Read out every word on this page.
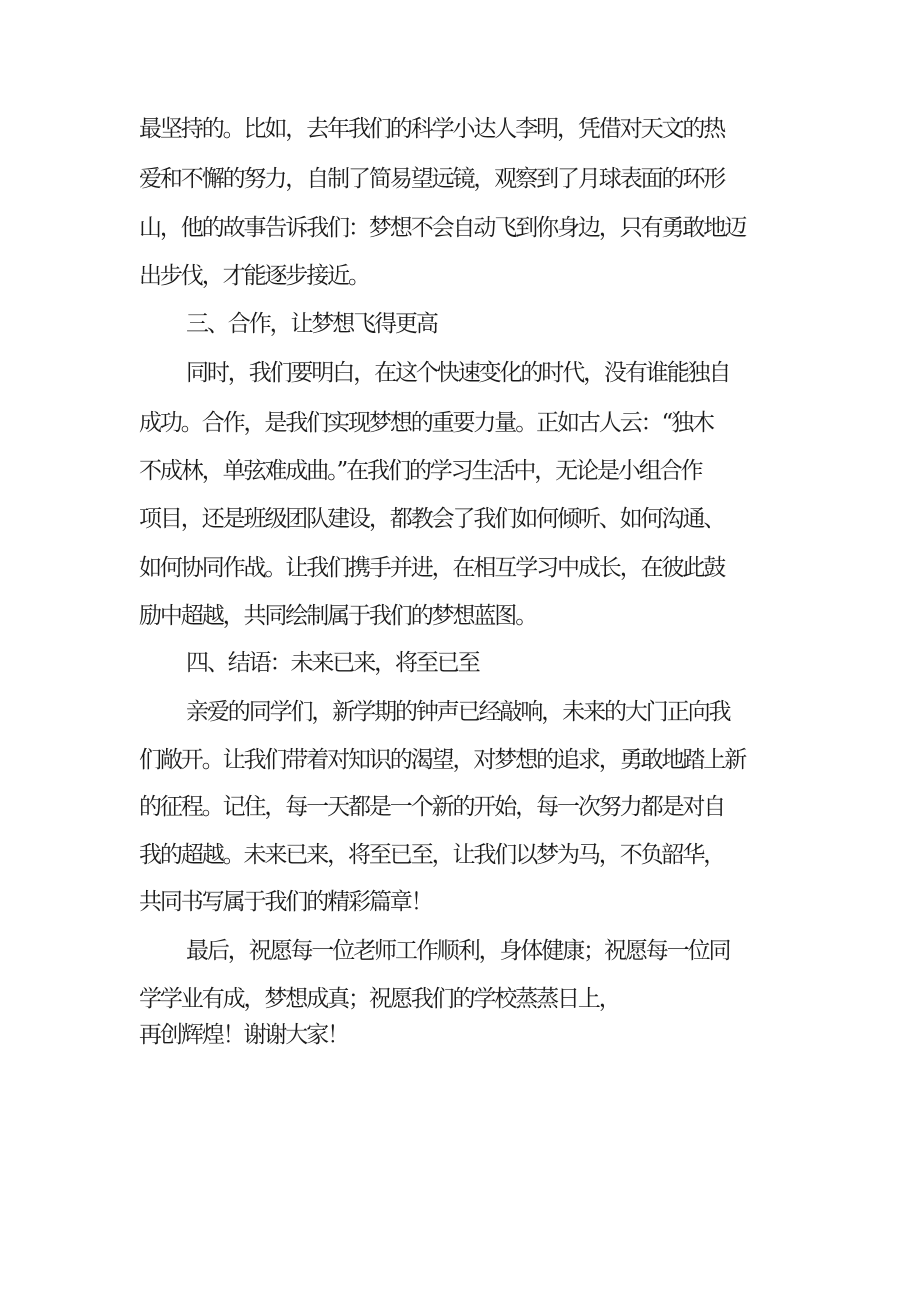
最坚持的。比如，去年我们的科学小达人李明，凭借对天文的热

爱和不懈的努力，自制了简易望远镜，观察到了月球表面的环形

山，他的故事告诉我们：梦想不会自动飞到你身边，只有勇敢地迈

出步伐，才能逐步接近。

三、合作，让梦想飞得更高

同时，我们要明白，在这个快速变化的时代，没有谁能独自

成功。合作，是我们实现梦想的重要力量。正如古人云：“独木

不成林，单弦难成曲。”在我们的学习生活中，无论是小组合作

项目，还是班级团队建设，都教会了我们如何倾听、如何沟通、

如何协同作战。让我们携手并进，在相互学习中成长，在彼此鼓

励中超越，共同绘制属于我们的梦想蓝图。

四、结语：未来已来，将至已至

亲爱的同学们，新学期的钟声已经敲响，未来的大门正向我

们敞开。让我们带着对知识的渴望，对梦想的追求，勇敢地踏上新

的征程。记住，每一天都是一个新的开始，每一次努力都是对自

我的超越。未来已来，将至已至，让我们以梦为马，不负韶华，

共同书写属于我们的精彩篇章！

最后，祝愿每一位老师工作顺利，身体健康；祝愿每一位同

学学业有成，梦想成真；祝愿我们的学校蒸蒸日上，

再创辉煌！谢谢大家！
